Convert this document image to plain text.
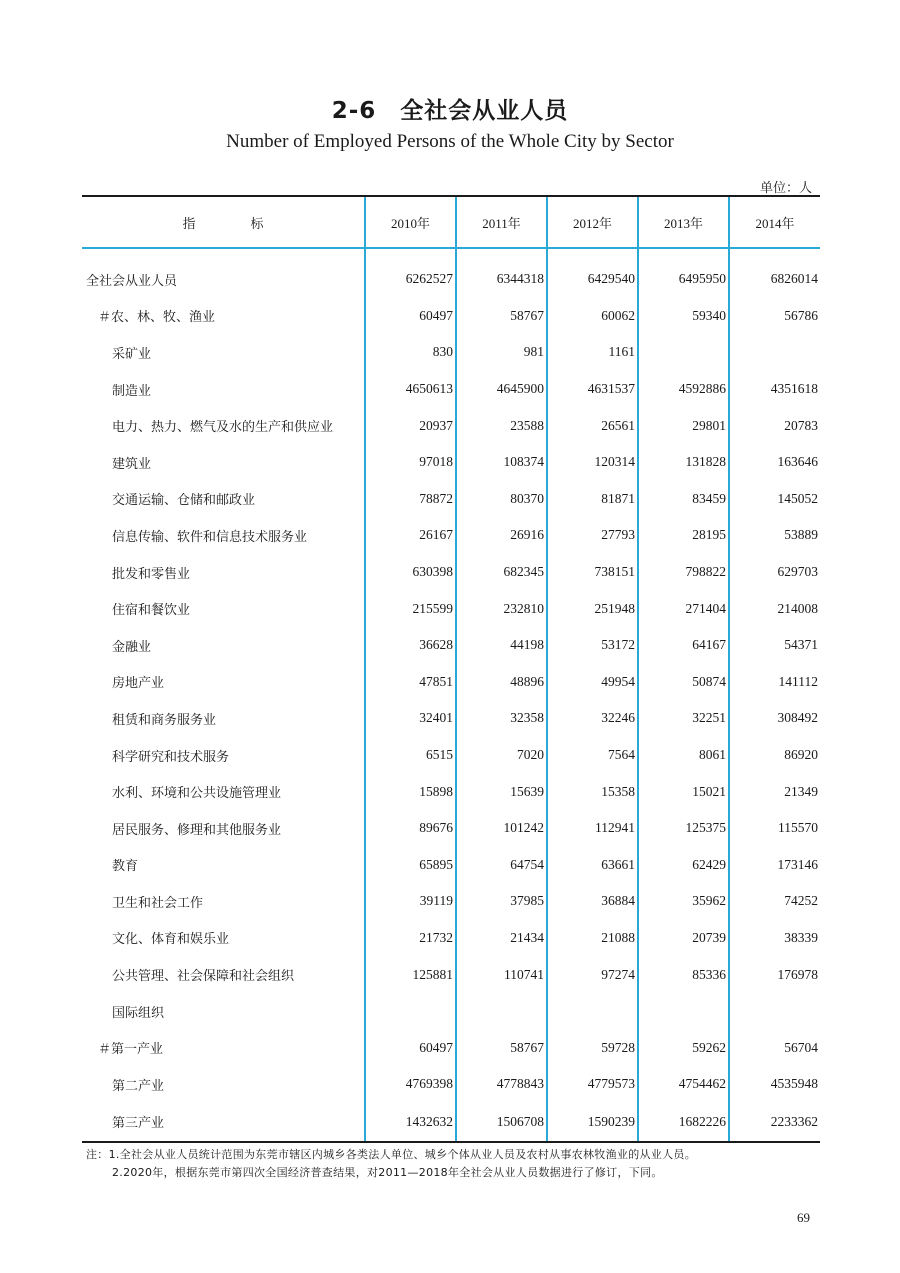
2-6　全社会从业人员
Number of Employed Persons of the Whole City by Sector
单位：人
指 标	2010年	2011年	2012年	2013年	2014年
全社会从业人员	6262527	6344318	6429540	6495950	6826014
＃农、林、牧、渔业	60497	58767	60062	59340	56786
采矿业	830	981	1161		
制造业	4650613	4645900	4631537	4592886	4351618
电力、热力、燃气及水的生产和供应业	20937	23588	26561	29801	20783
建筑业	97018	108374	120314	131828	163646
交通运输、仓储和邮政业	78872	80370	81871	83459	145052
信息传输、软件和信息技术服务业	26167	26916	27793	28195	53889
批发和零售业	630398	682345	738151	798822	629703
住宿和餐饮业	215599	232810	251948	271404	214008
金融业	36628	44198	53172	64167	54371
房地产业	47851	48896	49954	50874	141112
租赁和商务服务业	32401	32358	32246	32251	308492
科学研究和技术服务	6515	7020	7564	8061	86920
水利、环境和公共设施管理业	15898	15639	15358	15021	21349
居民服务、修理和其他服务业	89676	101242	112941	125375	115570
教育	65895	64754	63661	62429	173146
卫生和社会工作	39119	37985	36884	35962	74252
文化、体育和娱乐业	21732	21434	21088	20739	38339
公共管理、社会保障和社会组织	125881	110741	97274	85336	176978
国际组织					
＃第一产业	60497	58767	59728	59262	56704
第二产业	4769398	4778843	4779573	4754462	4535948
第三产业	1432632	1506708	1590239	1682226	2233362
注：1.全社会从业人员统计范围为东莞市辖区内城乡各类法人单位、城乡个体从业人员及农村从事农林牧渔业的从业人员。
2.2020年，根据东莞市第四次全国经济普查结果，对2011—2018年全社会从业人员数据进行了修订，下同。
69
